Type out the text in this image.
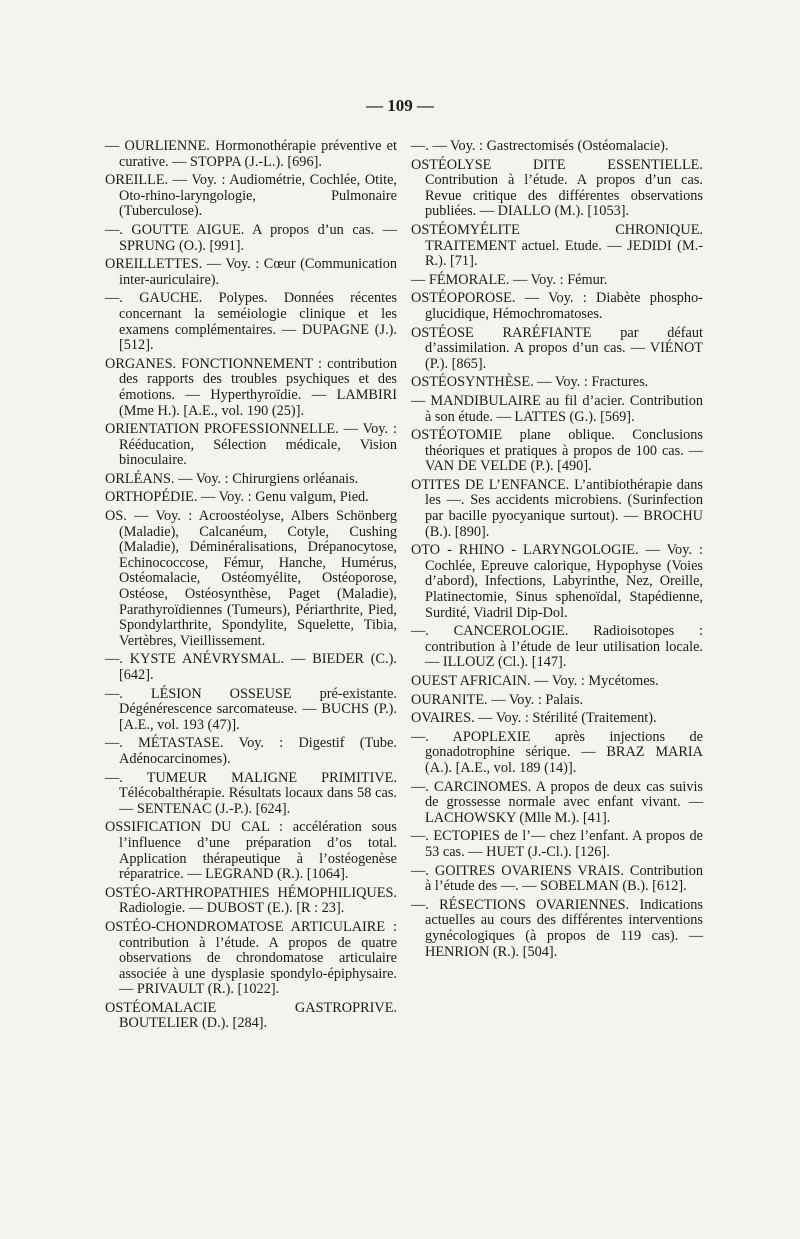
— 109 —

— OURLIENNE. Hormonothérapie préventive et curative. — STOPPA (J.-L.). [696].

OREILLE. — Voy. : Audiométrie, Cochlée, Otite, Oto-rhino-laryngologie, Pulmonaire (Tuberculose).

—. GOUTTE AIGUE. A propos d’un cas. — SPRUNG (O.). [991].

OREILLETTES. — Voy. : Cœur (Communication inter-auriculaire).

—. GAUCHE. Polypes. Données récentes concernant la seméiologie clinique et les examens complémentaires. — DUPAGNE (J.). [512].

ORGANES. FONCTIONNEMENT : contribution des rapports des troubles psychiques et des émotions. — Hyperthyroïdie. — LAMBIRI (Mme H.). [A.E., vol. 190 (25)].

ORIENTATION PROFESSIONNELLE. — Voy. : Rééducation, Sélection médicale, Vision binoculaire.

ORLÉANS. — Voy. : Chirurgiens orléanais.

ORTHOPÉDIE. — Voy. : Genu valgum, Pied.

OS. — Voy. : Acroostéolyse, Albers Schönberg (Maladie), Calcanéum, Cotyle, Cushing (Maladie), Déminéralisations, Drépanocytose, Echinococcose, Fémur, Hanche, Humérus, Ostéomalacie, Ostéomyélite, Ostéoporose, Ostéose, Ostéosynthèse, Paget (Maladie), Parathyroïdiennes (Tumeurs), Périarthrite, Pied, Spondylarthrite, Spondylite, Squelette, Tibia, Vertèbres, Vieillissement.

—. KYSTE ANÉVRYSMAL. — BIEDER (C.). [642].

—. LÉSION OSSEUSE pré-existante. Dégénérescence sarcomateuse. — BUCHS (P.). [A.E., vol. 193 (47)].

—. MÉTASTASE. Voy. : Digestif (Tube. Adénocarcinomes).

—. TUMEUR MALIGNE PRIMITIVE. Télécobalthérapie. Résultats locaux dans 58 cas. — SENTENAC (J.-P.). [624].

OSSIFICATION DU CAL : accélération sous l’influence d’une préparation d’os total. Application thérapeutique à l’ostéogenèse réparatrice. — LEGRAND (R.). [1064].

OSTÉO-ARTHROPATHIES HÉMOPHILIQUES. Radiologie. — DUBOST (E.). [R : 23].

OSTÉO-CHONDROMATOSE ARTICULAIRE : contribution à l’étude. A propos de quatre observations de chrondomatose articulaire associée à une dysplasie spondylo-épiphysaire. — PRIVAULT (R.). [1022].

OSTÉOMALACIE GASTROPRIVE. BOUTELIER (D.). [284].

—. — Voy. : Gastrectomisés (Ostéomalacie).

OSTÉOLYSE DITE ESSENTIELLE. Contribution à l’étude. A propos d’un cas. Revue critique des différentes observations publiées. — DIALLO (M.). [1053].

OSTÉOMYÉLITE CHRONIQUE. TRAITEMENT actuel. Etude. — JEDIDI (M.-R.). [71].

— FÉMORALE. — Voy. : Fémur.

OSTÉOPOROSE. — Voy. : Diabète phospho-glucidique, Hémochromatoses.

OSTÉOSE RARÉFIANTE par défaut d’assimilation. A propos d’un cas. — VIÉNOT (P.). [865].

OSTÉOSYNTHÈSE. — Voy. : Fractures.

— MANDIBULAIRE au fil d’acier. Contribution à son étude. — LATTES (G.). [569].

OSTÉOTOMIE plane oblique. Conclusions théoriques et pratiques à propos de 100 cas. — VAN DE VELDE (P.). [490].

OTITES DE L’ENFANCE. L’antibiothérapie dans les —. Ses accidents microbiens. (Surinfection par bacille pyocyanique surtout). — BROCHU (B.). [890].

OTO - RHINO - LARYNGOLOGIE. — Voy. : Cochlée, Epreuve calorique, Hypophyse (Voies d’abord), Infections, Labyrinthe, Nez, Oreille, Platinectomie, Sinus sphenoïdal, Stapédienne, Surdité, Viadril Dip-Dol.

—. CANCEROLOGIE. Radioisotopes : contribution à l’étude de leur utilisation locale. — ILLOUZ (Cl.). [147].

OUEST AFRICAIN. — Voy. : Mycétomes.

OURANITE. — Voy. : Palais.

OVAIRES. — Voy. : Stérilité (Traitement).

—. APOPLEXIE après injections de gonadotrophine sérique. — BRAZ MARIA (A.). [A.E., vol. 189 (14)].

—. CARCINOMES. A propos de deux cas suivis de grossesse normale avec enfant vivant. — LACHOWSKY (Mlle M.). [41].

—. ECTOPIES de l’— chez l’enfant. A propos de 53 cas. — HUET (J.-Cl.). [126].

—. GOITRES OVARIENS VRAIS. Contribution à l’étude des —. — SOBELMAN (B.). [612].

—. RÉSECTIONS OVARIENNES. Indications actuelles au cours des différentes interventions gynécologiques (à propos de 119 cas). — HENRION (R.). [504].
